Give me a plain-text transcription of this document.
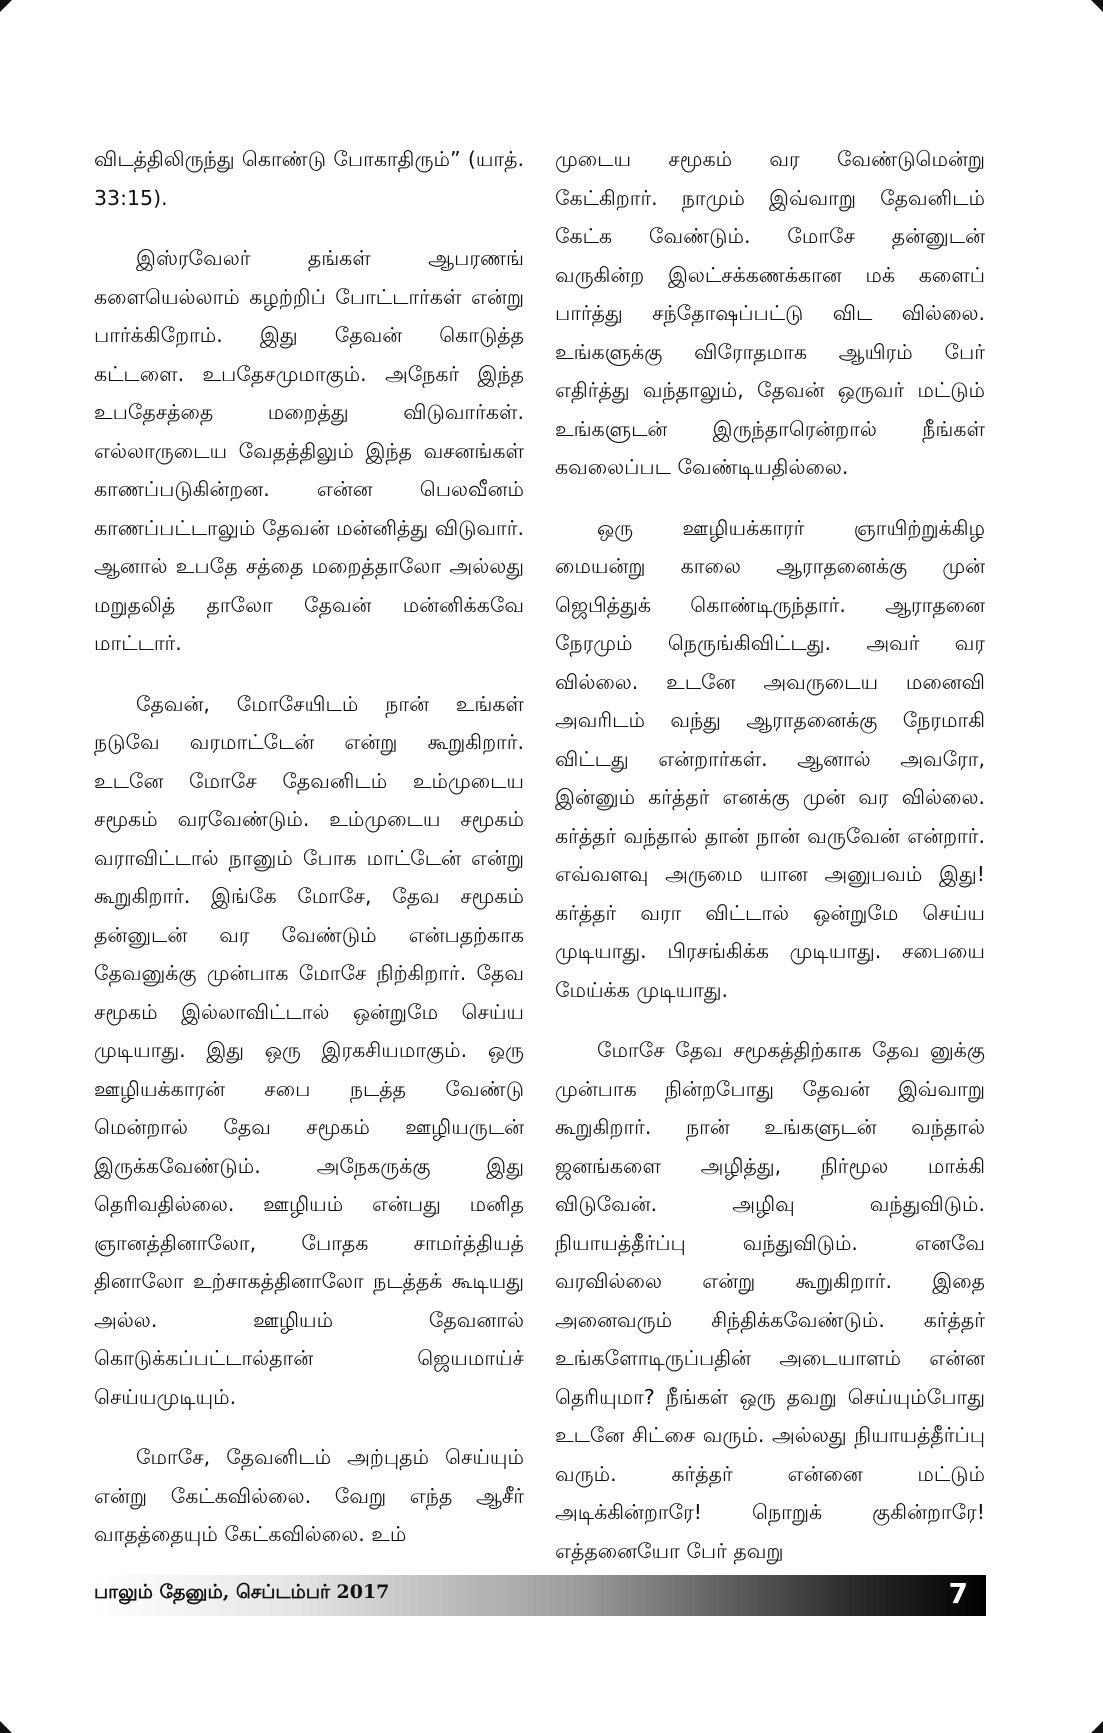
விடத்திலிருந்து கொண்டு போகாதிரும்” (யாத். 33:15).

இஸ்ரவேலர் தங்கள் ஆபரணங் களையெல்லாம் கழற்றிப் போட்டார்கள் என்று பார்க்கிறோம். இது தேவன் கொடுத்த கட்டளை. உபதேசமுமாகும். அநேகர் இந்த உபதேசத்தை மறைத்து விடுவார்கள். எல்லாருடைய வேதத்திலும் இந்த வசனங்கள் காணப்படுகின்றன. என்ன பெலவீனம் காணப்பட்டாலும் தேவன் மன்னித்து விடுவார். ஆனால் உபதே சத்தை மறைத்தாலோ அல்லது மறுதலித் தாலோ தேவன் மன்னிக்கவே மாட்டார்.

தேவன், மோசேயிடம் நான் உங்கள் நடுவே வரமாட்டேன் என்று கூறுகிறார். உடனே மோசே தேவனிடம் உம்முடைய சமூகம் வரவேண்டும். உம்முடைய சமூகம் வராவிட்டால் நானும் போக மாட்டேன் என்று கூறுகிறார். இங்கே மோசே, தேவ சமூகம் தன்னுடன் வர வேண்டும் என்பதற்காக தேவனுக்கு முன்பாக மோசே நிற்கிறார். தேவ சமூகம் இல்லாவிட்டால் ஒன்றுமே செய்ய முடியாது. இது ஒரு இரகசியமாகும். ஒரு ஊழியக்காரன் சபை நடத்த வேண்டு மென்றால் தேவ சமூகம் ஊழியருடன் இருக்கவேண்டும். அநேகருக்கு இது தெரிவதில்லை. ஊழியம் என்பது மனித ஞானத்தினாலோ, போதக சாமர்த்தியத் தினாலோ உற்சாகத்தினாலோ நடத்தக் கூடியது அல்ல. ஊழியம் தேவனால் கொடுக்கப்பட்டால்தான் ஜெயமாய்ச் செய்யமுடியும்.

மோசே, தேவனிடம் அற்புதம் செய்யும் என்று கேட்கவில்லை. வேறு எந்த ஆசீர் வாதத்தையும் கேட்கவில்லை. உம்

முடைய சமூகம் வர வேண்டுமென்று கேட்கிறார். நாமும் இவ்வாறு தேவனிடம் கேட்க வேண்டும். மோசே தன்னுடன் வருகின்ற இலட்சக்கணக்கான மக் களைப் பார்த்து சந்தோஷப்பட்டு விட வில்லை. உங்களுக்கு விரோதமாக ஆயிரம் பேர் எதிர்த்து வந்தாலும், தேவன் ஒருவர் மட்டும் உங்களுடன் இருந்தாரென்றால் நீங்கள் கவலைப்பட வேண்டியதில்லை.

ஒரு ஊழியக்காரர் ஞாயிற்றுக்கிழ மையன்று காலை ஆராதனைக்கு முன் ஜெபித்துக் கொண்டிருந்தார். ஆராதனை நேரமும் நெருங்கிவிட்டது. அவர் வர வில்லை. உடனே அவருடைய மனைவி அவரிடம் வந்து ஆராதனைக்கு நேரமாகி விட்டது என்றார்கள். ஆனால் அவரோ, இன்னும் கர்த்தர் எனக்கு முன் வர வில்லை. கர்த்தர் வந்தால் தான் நான் வருவேன் என்றார். எவ்வளவு அருமை யான அனுபவம் இது! கர்த்தர் வரா விட்டால் ஒன்றுமே செய்ய முடியாது. பிரசங்கிக்க முடியாது. சபையை மேய்க்க முடியாது.

மோசே தேவ சமூகத்திற்காக தேவ னுக்கு முன்பாக நின்றபோது தேவன் இவ்வாறு கூறுகிறார். நான் உங்களுடன் வந்தால் ஜனங்களை அழித்து, நிர்மூல மாக்கி விடுவேன். அழிவு வந்துவிடும். நியாயத்தீர்ப்பு வந்துவிடும். எனவே வரவில்லை என்று கூறுகிறார். இதை அனைவரும் சிந்திக்கவேண்டும். கர்த்தர் உங்களோடிருப்பதின் அடையாளம் என்ன தெரியுமா? நீங்கள் ஒரு தவறு செய்யும்போது உடனே சிட்சை வரும். அல்லது நியாயத்தீர்ப்பு வரும். கர்த்தர் என்னை மட்டும் அடிக்கின்றாரே! நொறுக் குகின்றாரே! எத்தனையோ பேர் தவறு

பாலும் தேனும், செப்டம்பர் 2017	7
